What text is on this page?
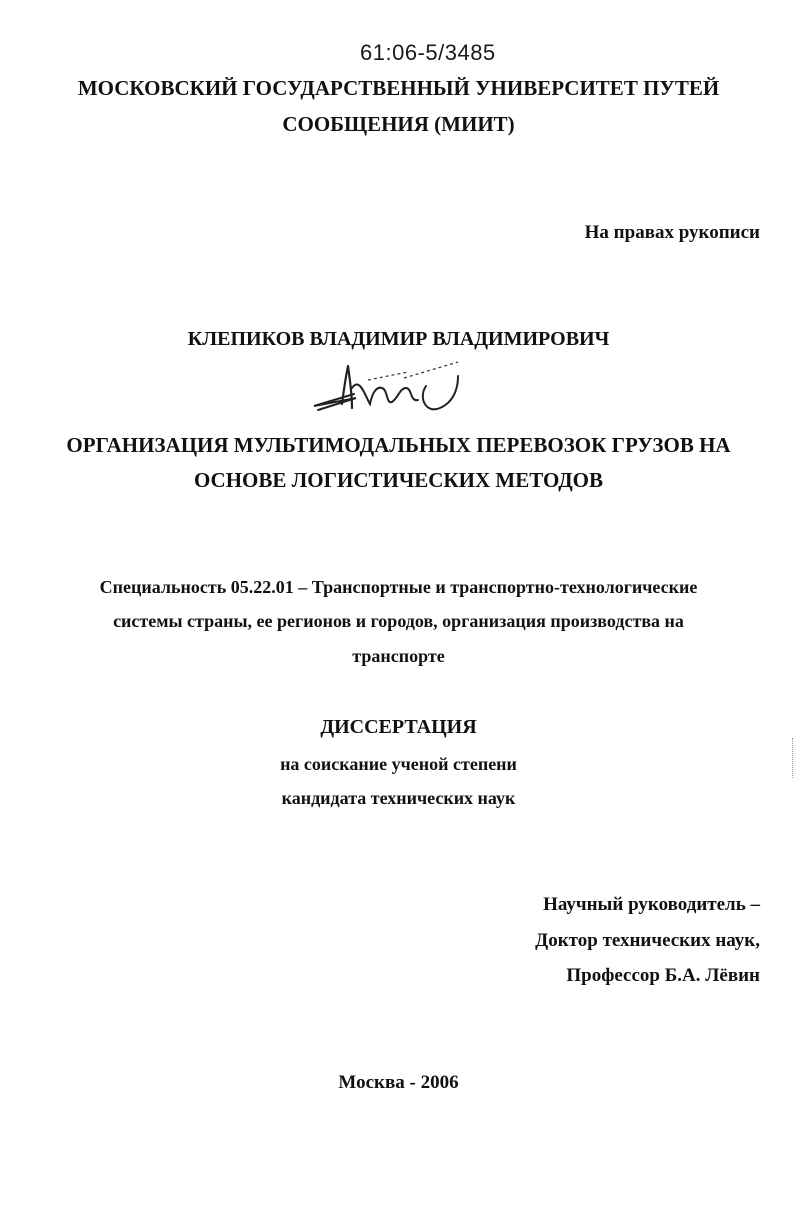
61:06-5/3485
МОСКОВСКИЙ ГОСУДАРСТВЕННЫЙ УНИВЕРСИТЕТ ПУТЕЙ
СООБЩЕНИЯ (МИИТ)
На правах рукописи
КЛЕПИКОВ ВЛАДИМИР ВЛАДИМИРОВИЧ
ОРГАНИЗАЦИЯ МУЛЬТИМОДАЛЬНЫХ ПЕРЕВОЗОК ГРУЗОВ НА
ОСНОВЕ ЛОГИСТИЧЕСКИХ МЕТОДОВ
Специальность 05.22.01 – Транспортные и транспортно-технологические
системы страны, ее регионов и городов, организация производства на
транспорте
ДИССЕРТАЦИЯ
на соискание ученой степени
кандидата технических наук
Научный руководитель –
Доктор технических наук,
Профессор Б.А. Лёвин
Москва - 2006
